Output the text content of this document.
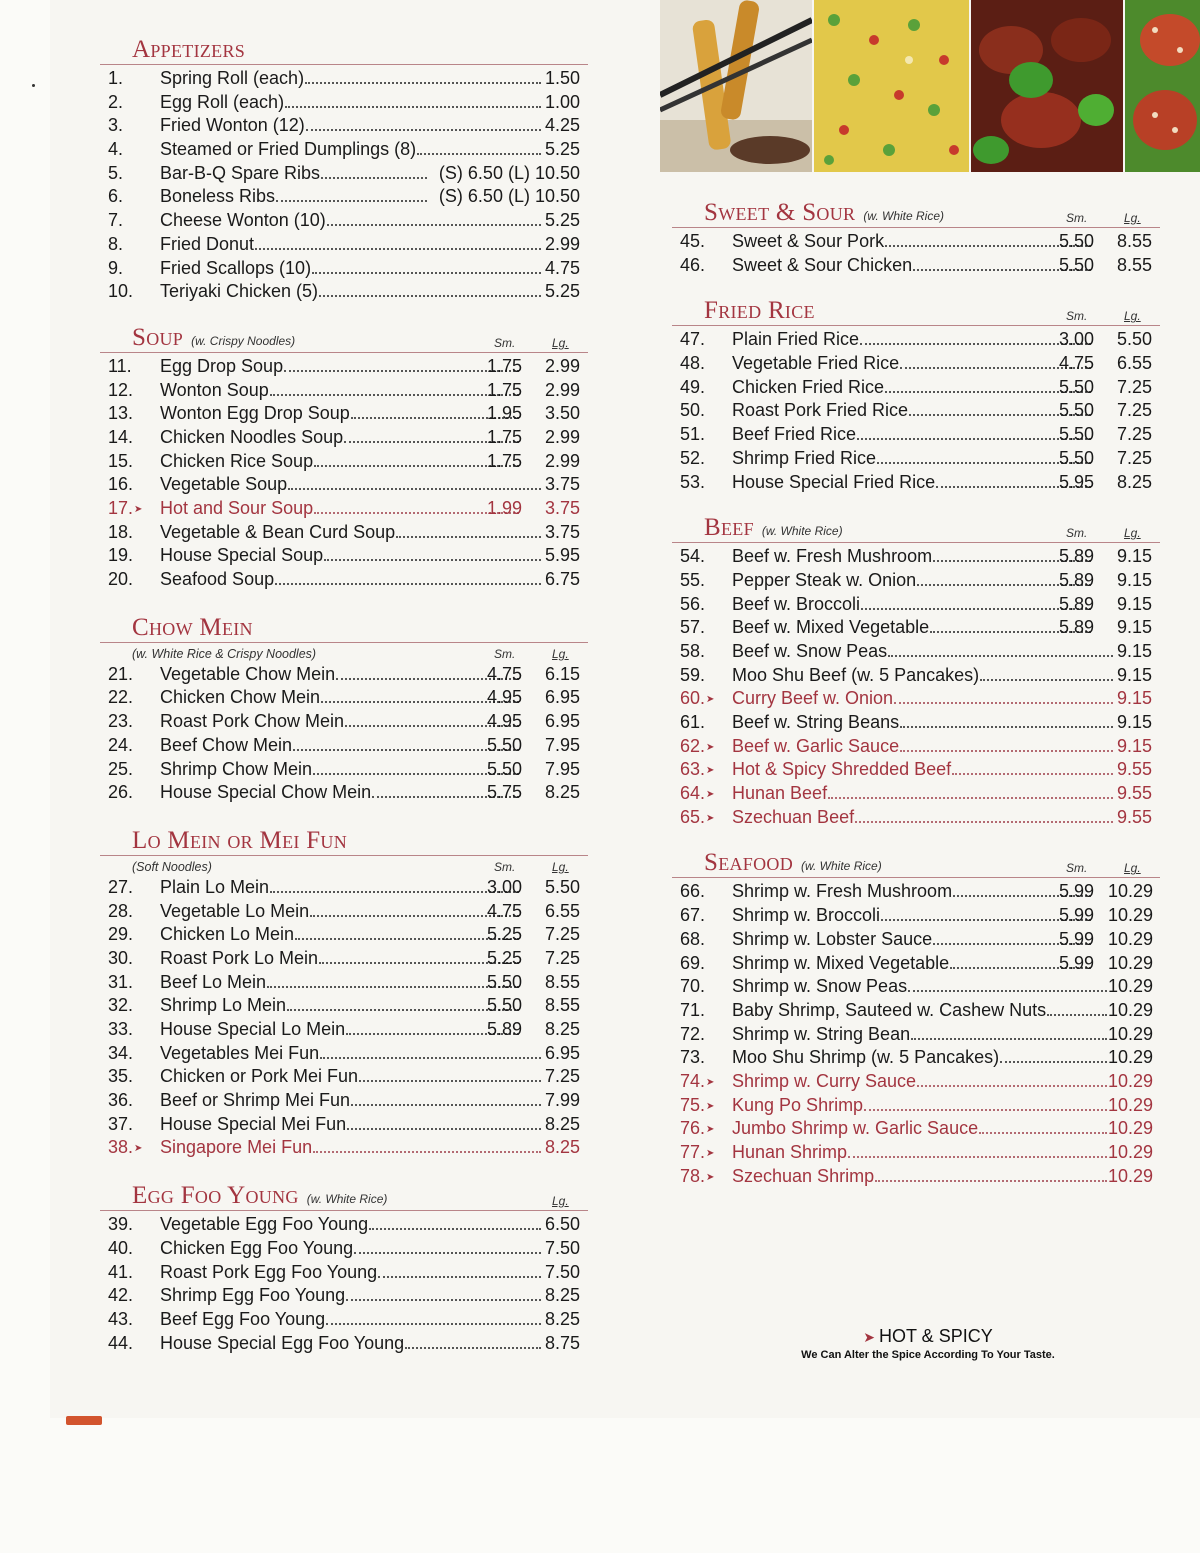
Appetizers
1.	Spring Roll (each)	1.50
2.	Egg Roll (each)	1.00
3.	Fried Wonton (12)	4.25
4.	Steamed or Fried Dumplings (8)	5.25
5.	Bar-B-Q Spare Ribs	(S) 6.50 (L) 10.50
6.	Boneless Ribs	(S) 6.50 (L) 10.50
7.	Cheese Wonton (10)	5.25
8.	Fried Donut	2.99
9.	Fried Scallops (10)	4.75
10.	Teriyaki Chicken (5)	5.25
Soup (w. Crispy Noodles)	Sm.	Lg.
11.	Egg Drop Soup	1.75	2.99
12.	Wonton Soup	1.75	2.99
13.	Wonton Egg Drop Soup	1.95	3.50
14.	Chicken Noodles Soup	1.75	2.99
15.	Chicken Rice Soup	1.75	2.99
16.	Vegetable Soup	3.75
17.➤ Hot and Sour Soup	1.99	3.75
18.	Vegetable & Bean Curd Soup	3.75
19.	House Special Soup	5.95
20.	Seafood Soup	6.75
Chow Mein
(w. White Rice & Crispy Noodles)	Sm.	Lg.
21.	Vegetable Chow Mein	4.75	6.15
22.	Chicken Chow Mein	4.95	6.95
23.	Roast Pork Chow Mein	4.95	6.95
24.	Beef Chow Mein	5.50	7.95
25.	Shrimp Chow Mein	5.50	7.95
26.	House Special Chow Mein	5.75	8.25
Lo Mein or Mei Fun
(Soft Noodles)	Sm.	Lg.
27.	Plain Lo Mein	3.00	5.50
28.	Vegetable Lo Mein	4.75	6.55
29.	Chicken Lo Mein	5.25	7.25
30.	Roast Pork Lo Mein	5.25	7.25
31.	Beef Lo Mein	5.50	8.55
32.	Shrimp Lo Mein	5.50	8.55
33.	House Special Lo Mein	5.89	8.25
34.	Vegetables Mei Fun	6.95
35.	Chicken or Pork Mei Fun	7.25
36.	Beef or Shrimp Mei Fun	7.99
37.	House Special Mei Fun	8.25
38.➤ Singapore Mei Fun	8.25
Egg Foo Young (w. White Rice)	Lg.
39.	Vegetable Egg Foo Young	6.50
40.	Chicken Egg Foo Young	7.50
41.	Roast Pork Egg Foo Young	7.50
42.	Shrimp Egg Foo Young	8.25
43.	Beef Egg Foo Young	8.25
44.	House Special Egg Foo Young	8.75
Sweet & Sour (w. White Rice)	Sm.	Lg.
45.	Sweet & Sour Pork	5.50	8.55
46.	Sweet & Sour Chicken	5.50	8.55
Fried Rice	Sm.	Lg.
47.	Plain Fried Rice	3.00	5.50
48.	Vegetable Fried Rice	4.75	6.55
49.	Chicken Fried Rice	5.50	7.25
50.	Roast Pork Fried Rice	5.50	7.25
51.	Beef Fried Rice	5.50	7.25
52.	Shrimp Fried Rice	5.50	7.25
53.	House Special Fried Rice	5.95	8.25
Beef (w. White Rice)	Sm.	Lg.
54.	Beef w. Fresh Mushroom	5.89	9.15
55.	Pepper Steak w. Onion	5.89	9.15
56.	Beef w. Broccoli	5.89	9.15
57.	Beef w. Mixed Vegetable	5.89	9.15
58.	Beef w. Snow Peas	9.15
59.	Moo Shu Beef (w. 5 Pancakes)	9.15
60.➤ Curry Beef w. Onion	9.15
61.	Beef w. String Beans	9.15
62.➤ Beef w. Garlic Sauce	9.15
63.➤ Hot & Spicy Shredded Beef	9.55
64.➤ Hunan Beef	9.55
65.➤ Szechuan Beef	9.55
Seafood (w. White Rice)	Sm.	Lg.
66.	Shrimp w. Fresh Mushroom	5.99 10.29
67.	Shrimp w. Broccoli	5.99 10.29
68.	Shrimp w. Lobster Sauce	5.99 10.29
69.	Shrimp w. Mixed Vegetable	5.99 10.29
70.	Shrimp w. Snow Peas	10.29
71.	Baby Shrimp, Sauteed w. Cashew Nuts	10.29
72.	Shrimp w. String Bean	10.29
73.	Moo Shu Shrimp (w. 5 Pancakes)	10.29
74.➤ Shrimp w. Curry Sauce	10.29
75.➤ Kung Po Shrimp	10.29
76.➤ Jumbo Shrimp w. Garlic Sauce	10.29
77.➤ Hunan Shrimp	10.29
78.➤ Szechuan Shrimp	10.29
➤ HOT & SPICY
We Can Alter the Spice According To Your Taste.
